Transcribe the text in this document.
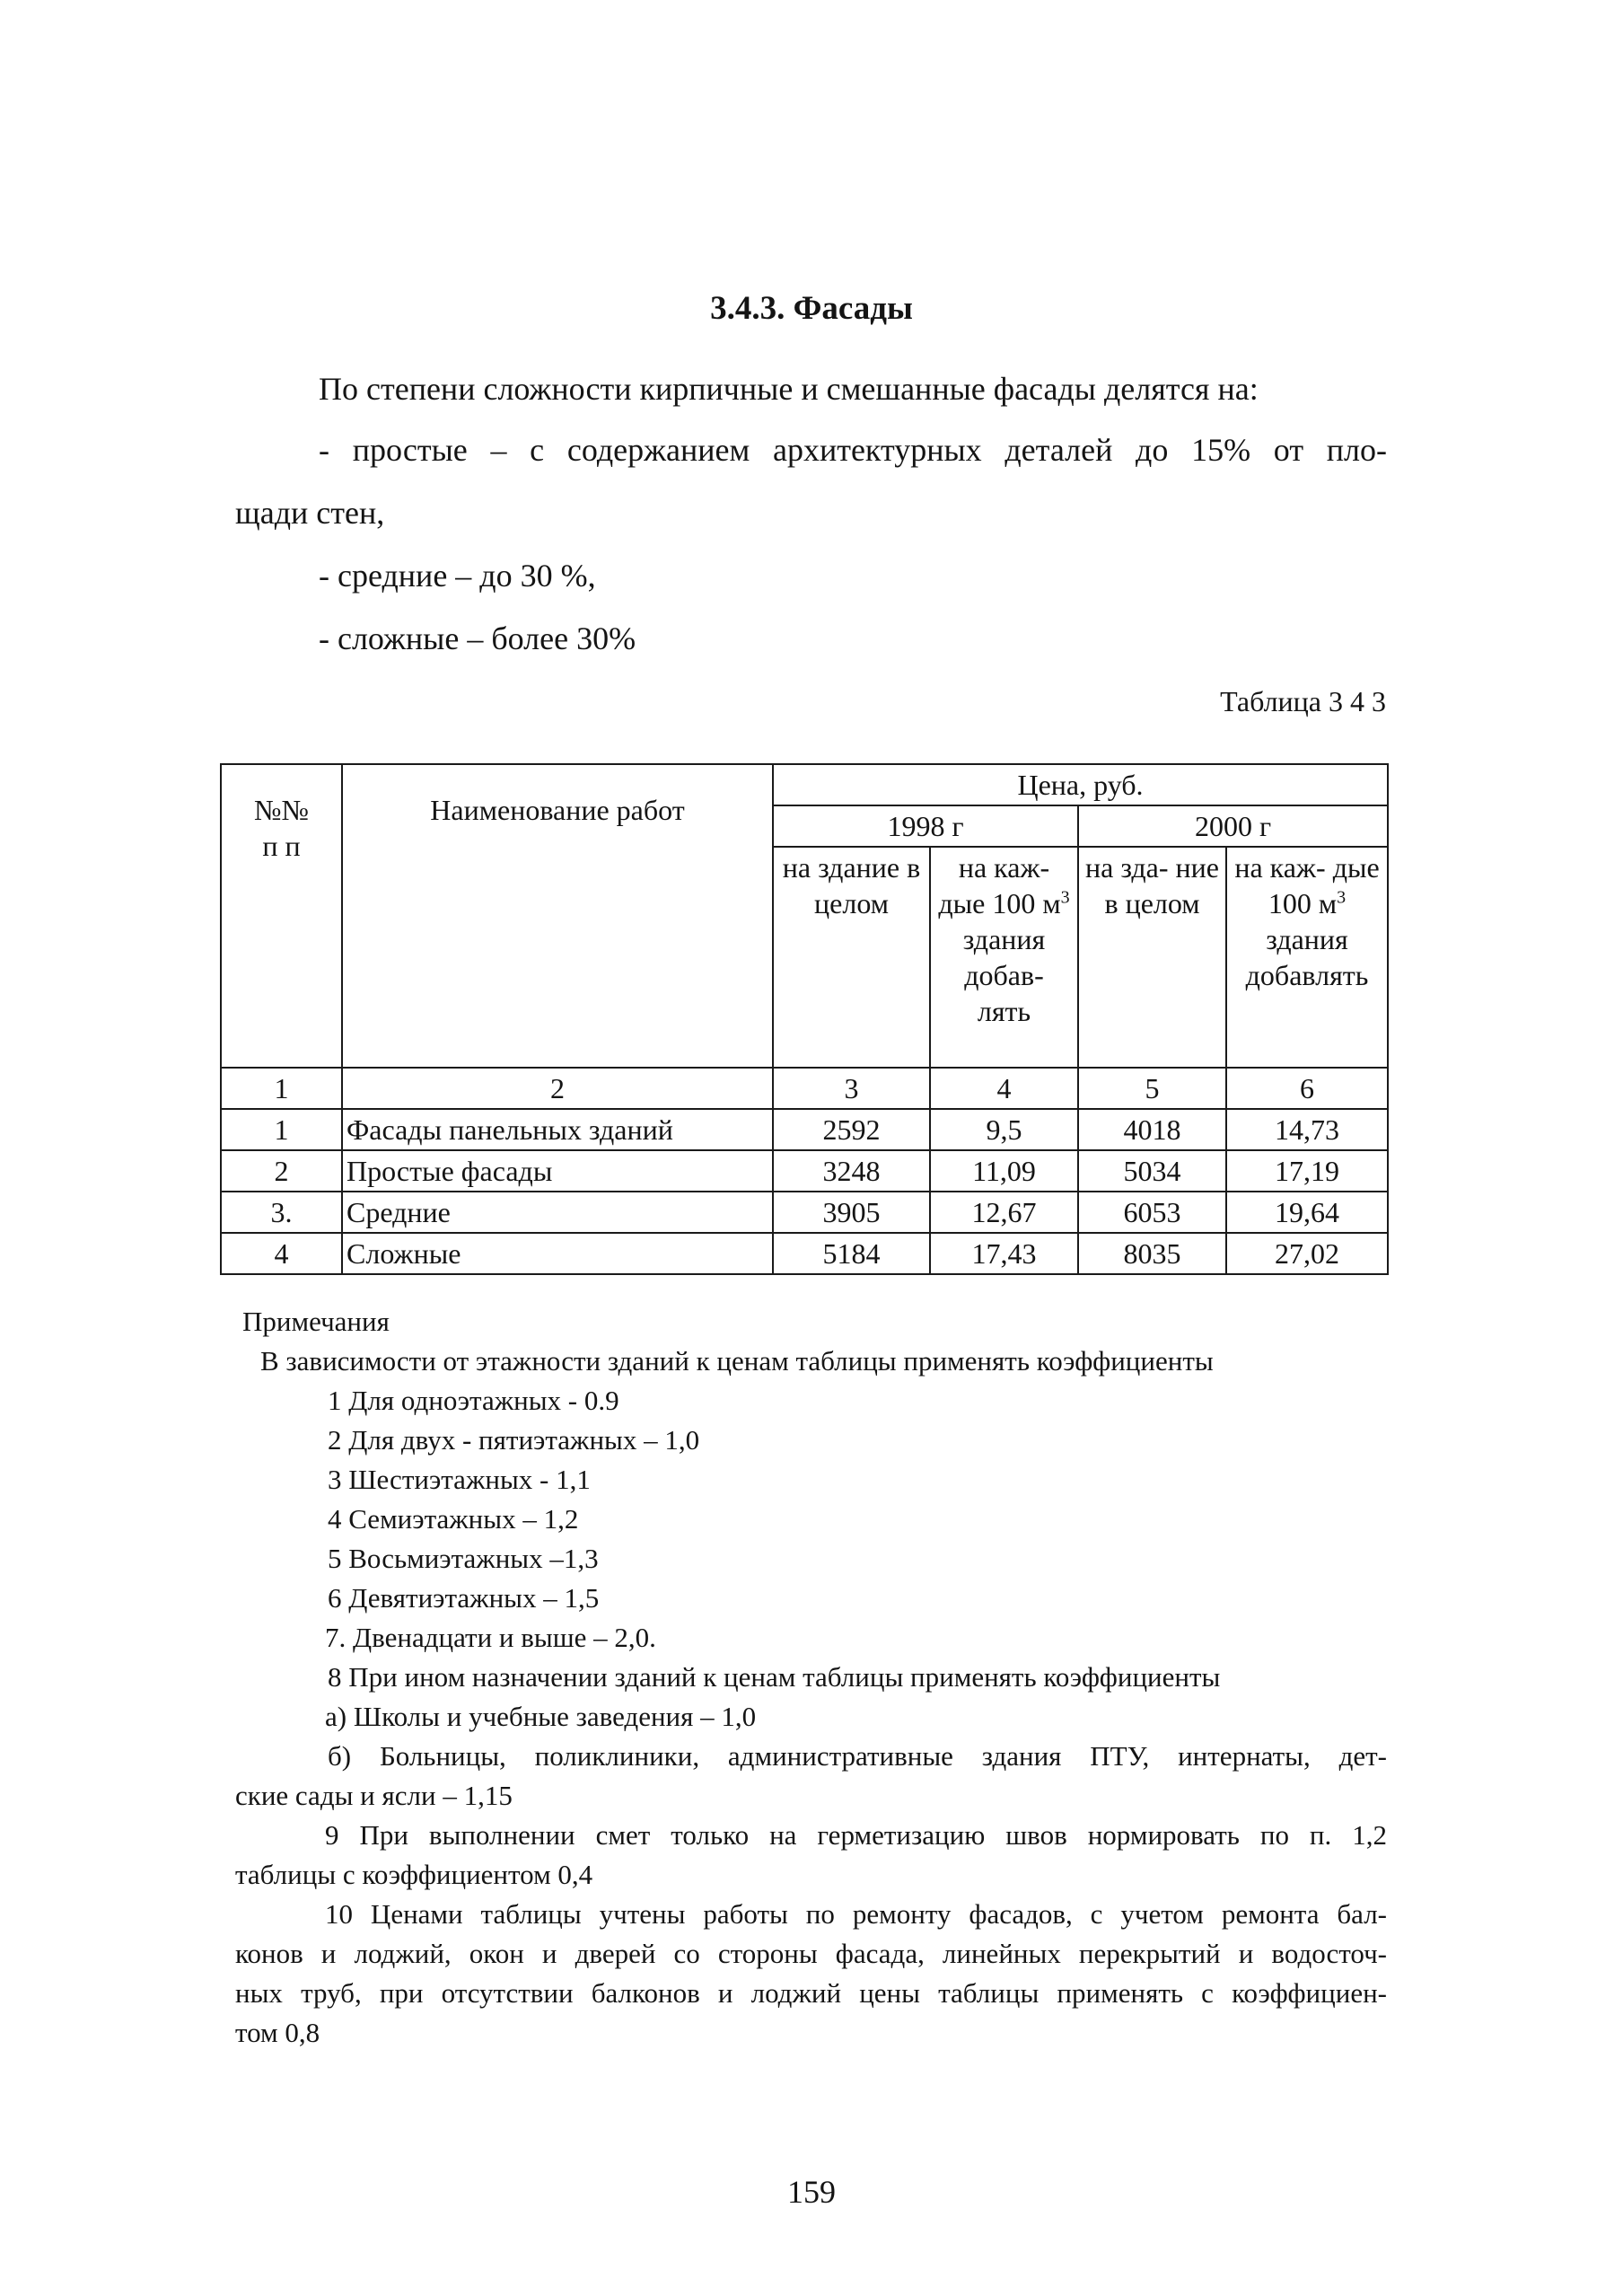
3.4.3. Фасады
По степени сложности кирпичные и смешанные фасады делятся на:
- простые – с содержанием архитектурных деталей до 15% от пло-
щади стен,
- средние – до 30 %,
- сложные – более 30%
Таблица 3 4 3
№№
п п	Наименование работ	Цена, руб.			
		1998 г		2000 г	
		на здание в целом	на каж- дые 100 $м^3$ здания добав- лять	на зда- ние в целом	на каж- дые 100 $м^3$ здания добавлять
1	2	3	4	5	6
1	Фасады панельных зданий	2592	9,5	4018	14,73
2	Простые фасады	3248	11,09	5034	17,19
3.	Средние	3905	12,67	6053	19,64
4	Сложные	5184	17,43	8035	27,02
Примечания
В зависимости от этажности зданий к ценам таблицы применять коэффициенты
1 Для одноэтажных - 0.9
2 Для двух - пятиэтажных – 1,0
3 Шестиэтажных - 1,1
4 Семиэтажных – 1,2
5 Восьмиэтажных –1,3
6 Девятиэтажных – 1,5
7. Двенадцати и выше – 2,0.
8 При ином назначении зданий к ценам таблицы применять коэффициенты
а) Школы и учебные заведения – 1,0
б) Больницы, поликлиники, административные здания ПТУ, интернаты, дет-
ские сады и ясли – 1,15
9 При выполнении смет только на герметизацию швов нормировать по п. 1,2
таблицы с коэффициентом 0,4
10 Ценами таблицы учтены работы по ремонту фасадов, с учетом ремонта бал-
конов и лоджий, окон и дверей со стороны фасада, линейных перекрытий и водосточ-
ных труб, при отсутствии балконов и лоджий цены таблицы применять с коэффициен-
том 0,8
159
